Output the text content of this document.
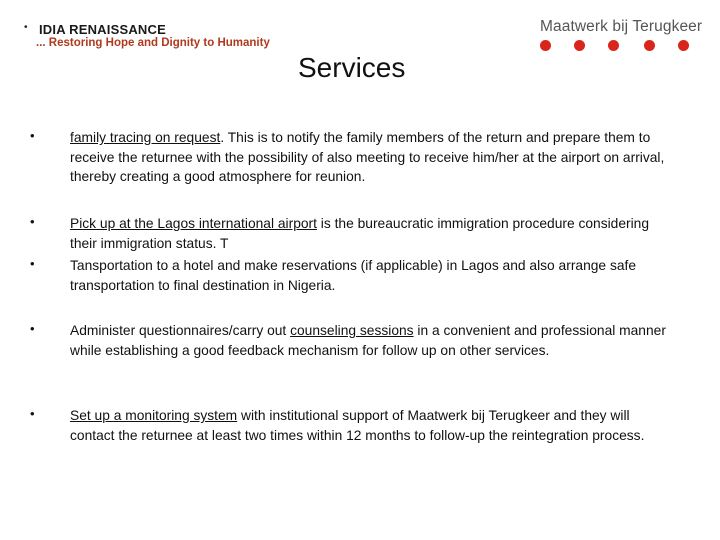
• IDIA RENAISSANCE
... Restoring Hope and Dignity to Humanity
Maatwerk bij Terugkeer
Services
•	family tracing on request. This is to notify the family members of the return and prepare them to receive the returnee with the possibility of also meeting to receive him/her at the airport on arrival, thereby creating a good atmosphere for reunion.
•	Pick up at the Lagos international airport is the bureaucratic immigration procedure considering their immigration status. T
•	Tansportation to a hotel and make reservations (if applicable) in Lagos and also arrange safe transportation to final destination in Nigeria.
•	Administer questionnaires/carry out counseling sessions in a convenient and professional manner while establishing a good feedback mechanism for follow up on other services.
•	Set up a monitoring system with institutional support of Maatwerk bij Terugkeer and they will contact the returnee at least two times within 12 months to follow-up the reintegration process.
